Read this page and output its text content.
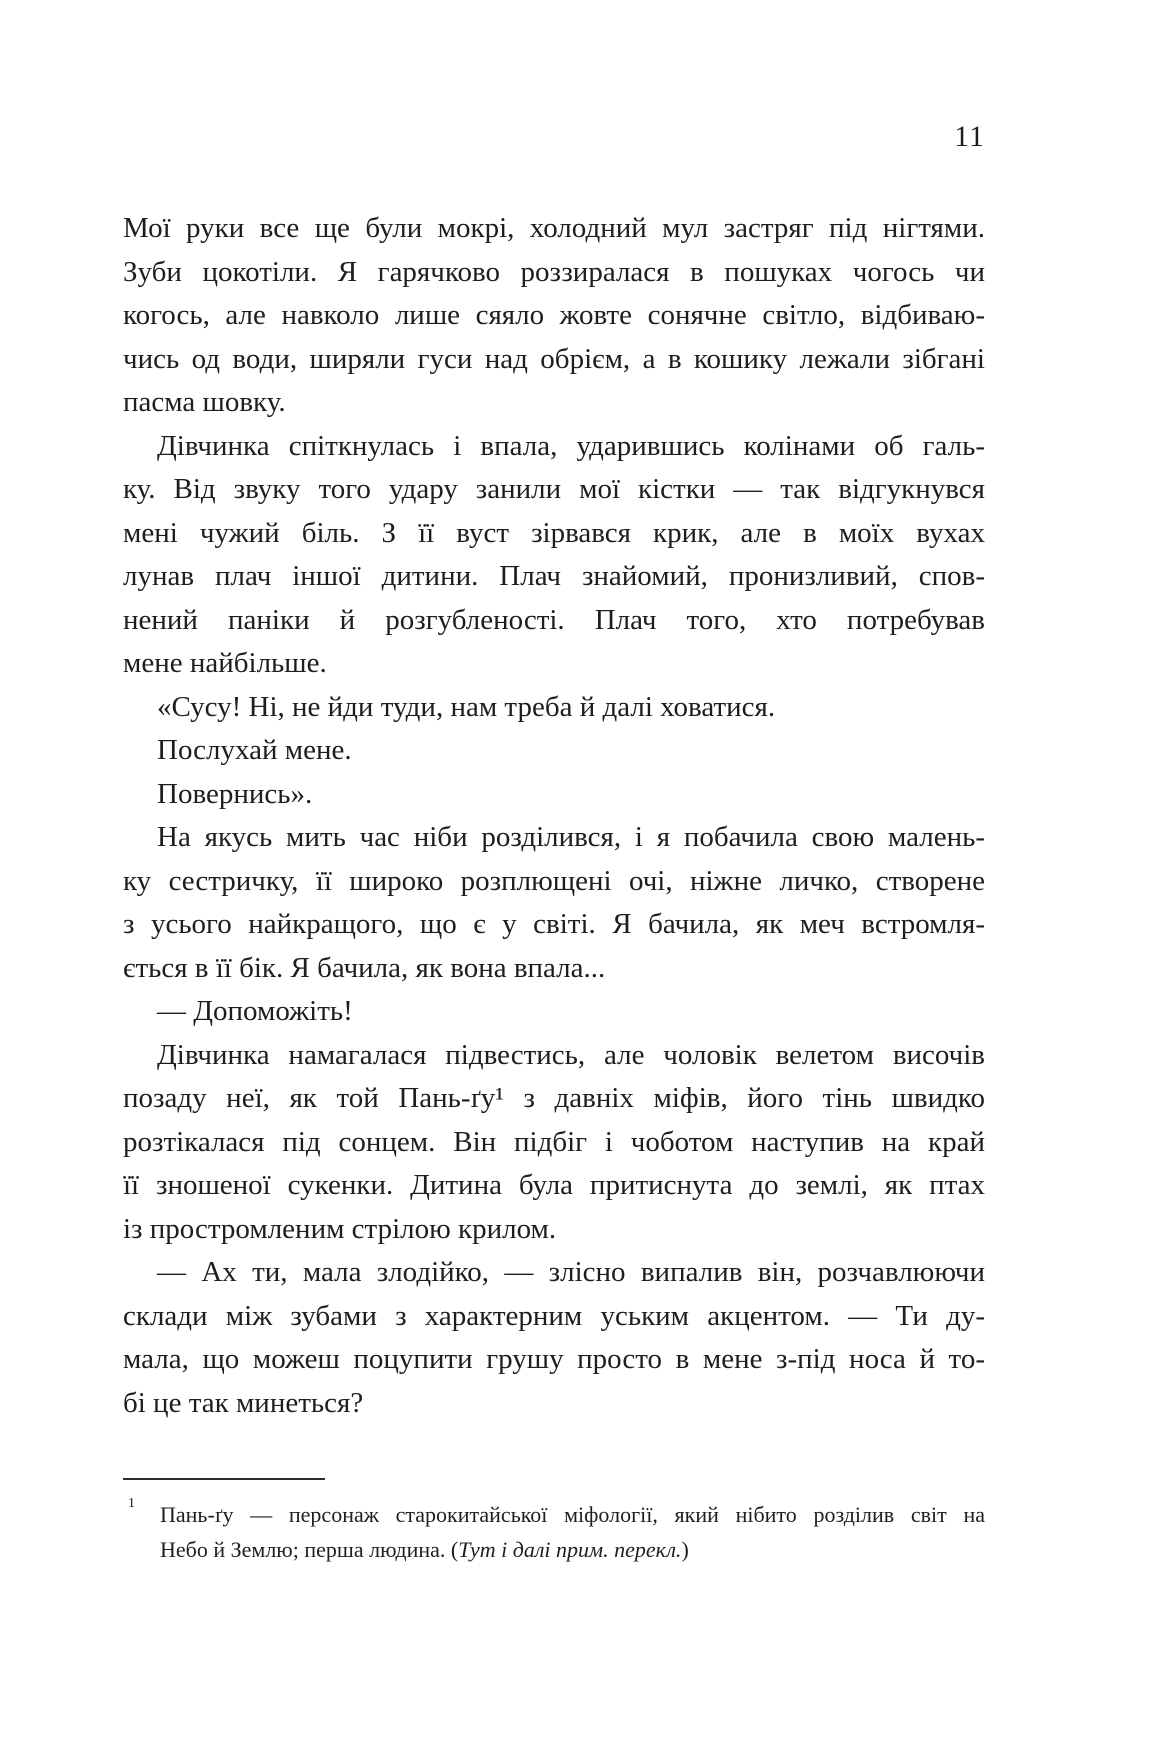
11
Мої руки все ще були мокрі, холодний мул застряг під нігтями.
Зуби цокотіли. Я гарячково роззиралася в пошуках чогось чи
когось, але навколо лише сяяло жовте сонячне світло, відбиваю-
чись од води, ширяли гуси над обрієм, а в кошику лежали зібгані
пасма шовку.
Дівчинка спіткнулась і впала, ударившись колінами об галь-
ку. Від звуку того удару занили мої кістки — так відгукнувся
мені чужий біль. З її вуст зірвався крик, але в моїх вухах
лунав плач іншої дитини. Плач знайомий, пронизливий, спов-
нений паніки й розгубленості. Плач того, хто потребував
мене найбільше.
«Сусу! Ні, не йди туди, нам треба й далі ховатися.
Послухай мене.
Повернись».
На якусь мить час ніби розділився, і я побачила свою малень-
ку сестричку, її широко розплющені очі, ніжне личко, створене
з усього найкращого, що є у світі. Я бачила, як меч встромля-
ється в її бік. Я бачила, як вона впала...
— Допоможіть!
Дівчинка намагалася підвестись, але чоловік велетом височів
позаду неї, як той Пань-ґу¹ з давніх міфів, його тінь швидко
розтікалася під сонцем. Він підбіг і чоботом наступив на край
її зношеної сукенки. Дитина була притиснута до землі, як птах
із простромленим стрілою крилом.
— Ах ти, мала злодійко, — злісно випалив він, розчавлюючи
склади між зубами з характерним уським акцентом. — Ти ду-
мала, що можеш поцупити грушу просто в мене з-під носа й то-
бі це так минеться?
1 Пань-ґу — персонаж старокитайської міфології, який нібито розділив світ на
Небо й Землю; перша людина. (Тут і далі прим. перекл.)
